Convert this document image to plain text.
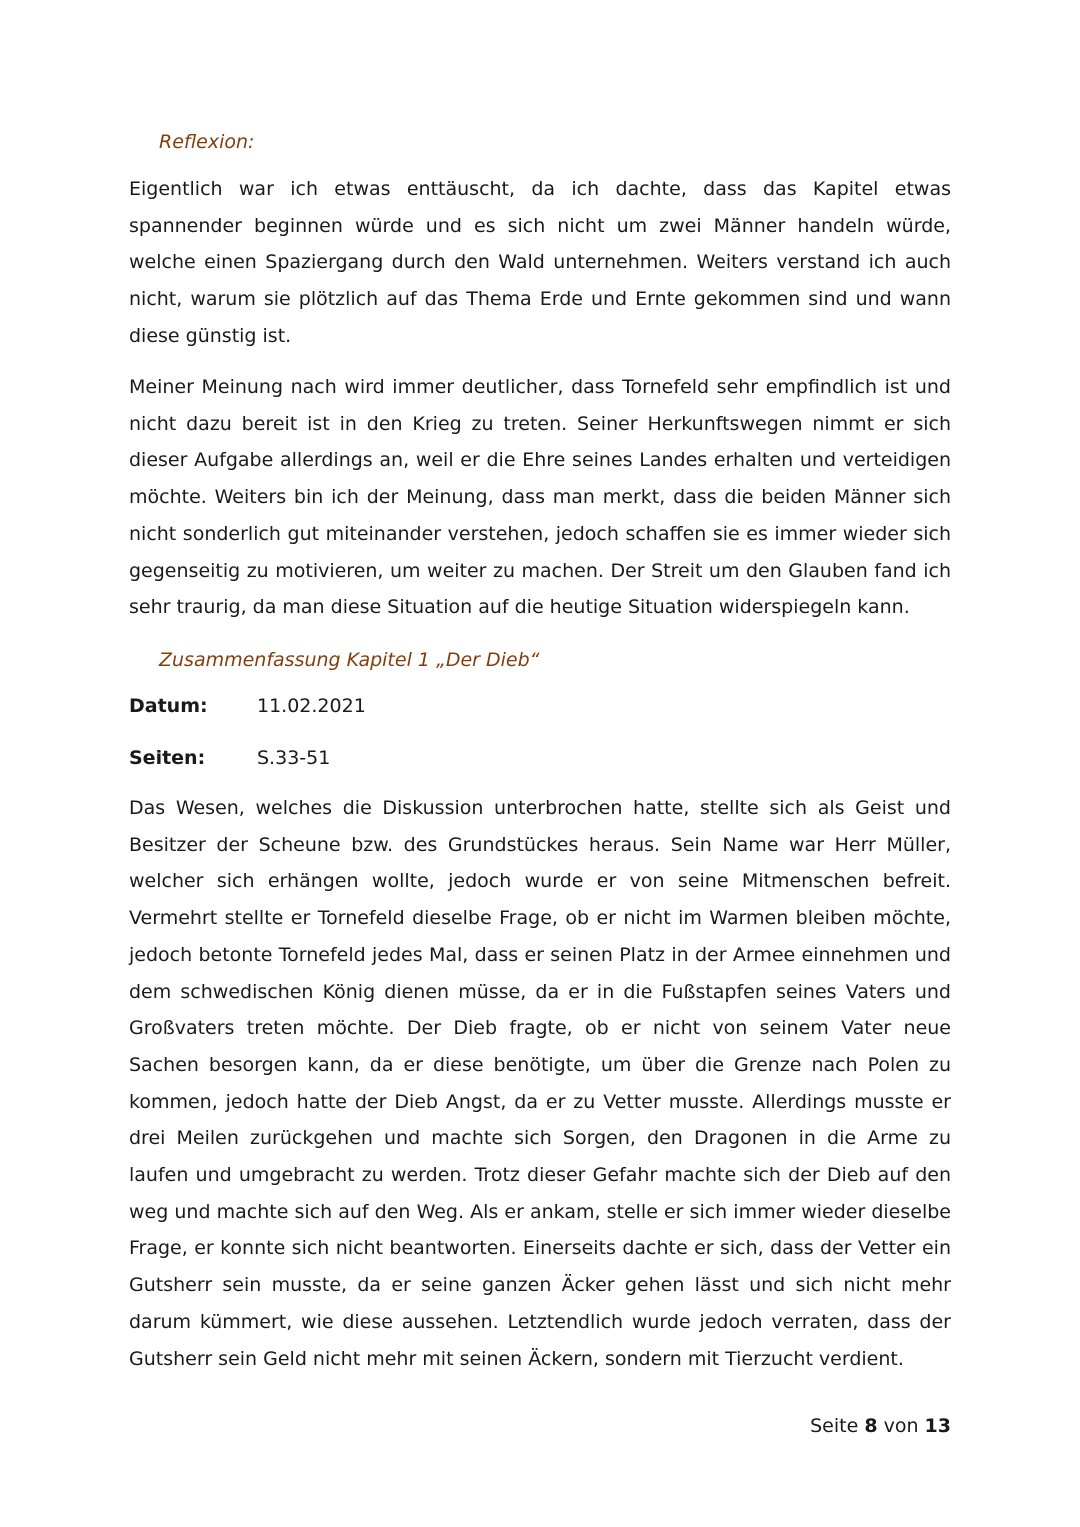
Reflexion:

Eigentlich war ich etwas enttäuscht, da ich dachte, dass das Kapitel etwas spannender beginnen würde und es sich nicht um zwei Männer handeln würde, welche einen Spaziergang durch den Wald unternehmen. Weiters verstand ich auch nicht, warum sie plötzlich auf das Thema Erde und Ernte gekommen sind und wann diese günstig ist.

Meiner Meinung nach wird immer deutlicher, dass Tornefeld sehr empfindlich ist und nicht dazu bereit ist in den Krieg zu treten. Seiner Herkunftswegen nimmt er sich dieser Aufgabe allerdings an, weil er die Ehre seines Landes erhalten und verteidigen möchte. Weiters bin ich der Meinung, dass man merkt, dass die beiden Männer sich nicht sonderlich gut miteinander verstehen, jedoch schaffen sie es immer wieder sich gegenseitig zu motivieren, um weiter zu machen. Der Streit um den Glauben fand ich sehr traurig, da man diese Situation auf die heutige Situation widerspiegeln kann.

Zusammenfassung Kapitel 1 „Der Dieb“
Datum:	11.02.2021
Seiten:	S.33-51

Das Wesen, welches die Diskussion unterbrochen hatte, stellte sich als Geist und Besitzer der Scheune bzw. des Grundstückes heraus. Sein Name war Herr Müller, welcher sich erhängen wollte, jedoch wurde er von seine Mitmenschen befreit. Vermehrt stellte er Tornefeld dieselbe Frage, ob er nicht im Warmen bleiben möchte, jedoch betonte Tornefeld jedes Mal, dass er seinen Platz in der Armee einnehmen und dem schwedischen König dienen müsse, da er in die Fußstapfen seines Vaters und Großvaters treten möchte. Der Dieb fragte, ob er nicht von seinem Vater neue Sachen besorgen kann, da er diese benötigte, um über die Grenze nach Polen zu kommen, jedoch hatte der Dieb Angst, da er zu Vetter musste. Allerdings musste er drei Meilen zurückgehen und machte sich Sorgen, den Dragonen in die Arme zu laufen und umgebracht zu werden. Trotz dieser Gefahr machte sich der Dieb auf den weg und machte sich auf den Weg. Als er ankam, stelle er sich immer wieder dieselbe Frage, er konnte sich nicht beantworten. Einerseits dachte er sich, dass der Vetter ein Gutsherr sein musste, da er seine ganzen Äcker gehen lässt und sich nicht mehr darum kümmert, wie diese aussehen. Letztendlich wurde jedoch verraten, dass der Gutsherr sein Geld nicht mehr mit seinen Äckern, sondern mit Tierzucht verdient.

Seite 8 von 13
